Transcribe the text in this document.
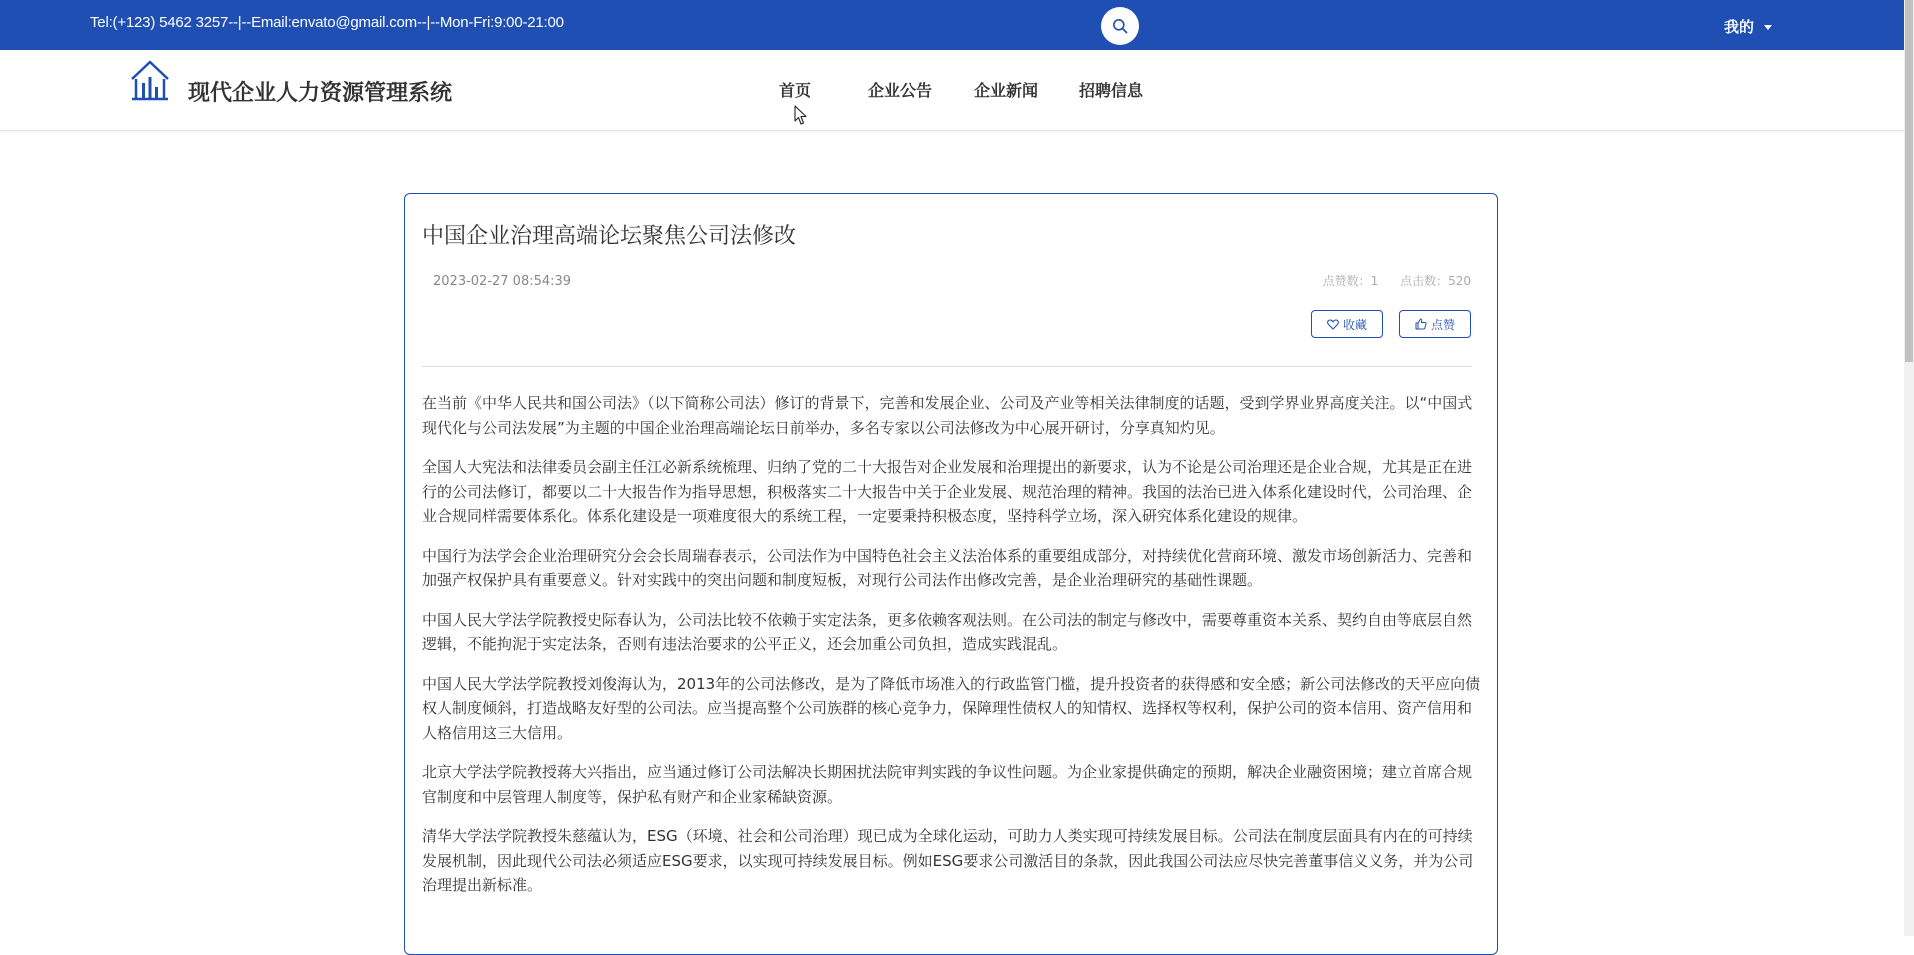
Tel:(+123) 5462 3257--|--Email:envato@gmail.com--|--Mon-Fri:9:00-21:00	我的
现代企业人力资源管理系统	首页	企业公告	企业新闻	招聘信息
中国企业治理高端论坛聚焦公司法修改
2023-02-27 08:54:39	点赞数：1 点击数：520
收藏	点赞

在当前《中华人民共和国公司法》（以下简称公司法）修订的背景下，完善和发展企业、公司及产业等相关法律制度的话题，受到学界业界高度关注。以“中国式现代化与公司法发展”为主题的中国企业治理高端论坛日前举办，多名专家以公司法修改为中心展开研讨，分享真知灼见。

全国人大宪法和法律委员会副主任江必新系统梳理、归纳了党的二十大报告对企业发展和治理提出的新要求，认为不论是公司治理还是企业合规，尤其是正在进行的公司法修订，都要以二十大报告作为指导思想，积极落实二十大报告中关于企业发展、规范治理的精神。我国的法治已进入体系化建设时代，公司治理、企业合规同样需要体系化。体系化建设是一项难度很大的系统工程，一定要秉持积极态度，坚持科学立场，深入研究体系化建设的规律。

中国行为法学会企业治理研究分会会长周瑞春表示，公司法作为中国特色社会主义法治体系的重要组成部分，对持续优化营商环境、激发市场创新活力、完善和加强产权保护具有重要意义。针对实践中的突出问题和制度短板，对现行公司法作出修改完善，是企业治理研究的基础性课题。

中国人民大学法学院教授史际春认为，公司法比较不依赖于实定法条，更多依赖客观法则。在公司法的制定与修改中，需要尊重资本关系、契约自由等底层自然逻辑，不能拘泥于实定法条，否则有违法治要求的公平正义，还会加重公司负担，造成实践混乱。

中国人民大学法学院教授刘俊海认为，2013年的公司法修改，是为了降低市场准入的行政监管门槛，提升投资者的获得感和安全感；新公司法修改的天平应向债权人制度倾斜，打造战略友好型的公司法。应当提高整个公司族群的核心竞争力，保障理性债权人的知情权、选择权等权利，保护公司的资本信用、资产信用和人格信用这三大信用。

北京大学法学院教授蒋大兴指出，应当通过修订公司法解决长期困扰法院审判实践的争议性问题。为企业家提供确定的预期，解决企业融资困境；建立首席合规官制度和中层管理人制度等，保护私有财产和企业家稀缺资源。

清华大学法学院教授朱慈蕴认为，ESG（环境、社会和公司治理）现已成为全球化运动，可助力人类实现可持续发展目标。公司法在制度层面具有内在的可持续发展机制，因此现代公司法必须适应ESG要求，以实现可持续发展目标。例如ESG要求公司激活目的条款，因此我国公司法应尽快完善董事信义义务，并为公司治理提出新标准。
